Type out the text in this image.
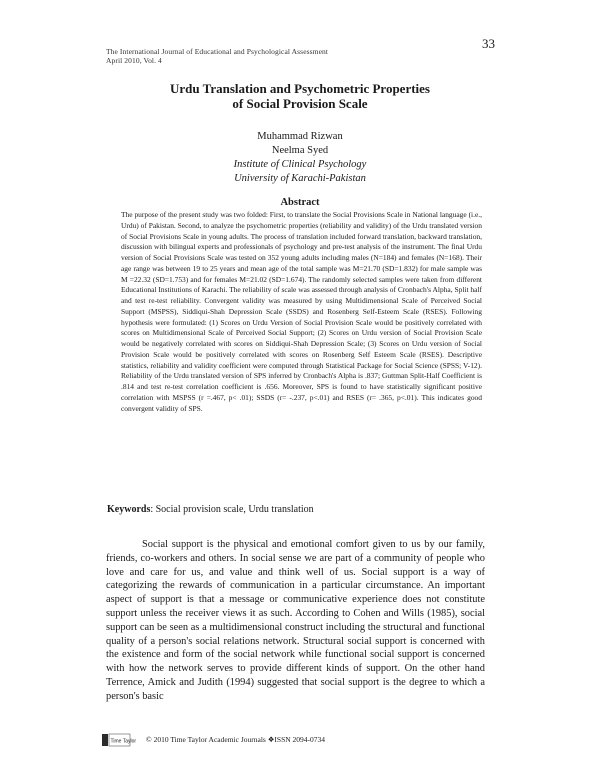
33
The International Journal of Educational and Psychological Assessment
April 2010, Vol. 4
Urdu Translation and Psychometric Properties
of Social Provision Scale
Muhammad Rizwan
Neelma Syed
Institute of Clinical Psychology
University of Karachi-Pakistan
Abstract
The purpose of the present study was two folded: First, to translate the Social Provisions Scale in National language (i.e., Urdu) of Pakistan. Second, to analyze the psychometric properties (reliability and validity) of the Urdu translated version of Social Provisions Scale in young adults. The process of translation included forward translation, backward translation, discussion with bilingual experts and professionals of psychology and pre-test analysis of the instrument. The final Urdu version of Social Provisions Scale was tested on 352 young adults including males (N=184) and females (N=168). Their age range was between 19 to 25 years and mean age of the total sample was M=21.70 (SD=1.832) for male sample was M =22.32 (SD=1.753) and for females M=21.02 (SD=1.674). The randomly selected samples were taken from different Educational Institutions of Karachi. The reliability of scale was assessed through analysis of Cronbach's Alpha, Split half and test re-test reliability. Convergent validity was measured by using Multidimensional Scale of Perceived Social Support (MSPSS), Siddiqui-Shah Depression Scale (SSDS) and Rosenberg Self-Esteem Scale (RSES). Following hypothesis were formulated: (1) Scores on Urdu Version of Social Provision Scale would be positively correlated with scores on Multidimensional Scale of Perceived Social Support; (2) Scores on Urdu version of Social Provision Scale would be negatively correlated with scores on Siddiqui-Shah Depression Scale; (3) Scores on Urdu version of Social Provision Scale would be positively correlated with scores on Rosenberg Self Esteem Scale (RSES). Descriptive statistics, reliability and validity coefficient were computed through Statistical Package for Social Science (SPSS; V-12). Reliability of the Urdu translated version of SPS inferred by Cronbach's Alpha is .837; Guttman Split-Half Coefficient is .814 and test re-test correlation coefficient is .656. Moreover, SPS is found to have statistically significant positive correlation with MSPSS (r =.467, p< .01); SSDS (r= -.237, p<.01) and RSES (r= .365, p<.01). This indicates good convergent validity of SPS.
Keywords: Social provision scale, Urdu translation
Social support is the physical and emotional comfort given to us by our family, friends, co-workers and others. In social sense we are part of a community of people who love and care for us, and value and think well of us. Social support is a way of categorizing the rewards of communication in a particular circumstance. An important aspect of support is that a message or communicative experience does not constitute support unless the receiver views it as such. According to Cohen and Wills (1985), social support can be seen as a multidimensional construct including the structural and functional quality of a person's social relations network. Structural social support is concerned with the existence and form of the social network while functional social support is concerned with how the network serves to provide different kinds of support. On the other hand Terrence, Amick and Judith (1994) suggested that social support is the degree to which a person's basic
Time Taylor © 2010 Time Taylor Academic Journals ❖ISSN 2094-0734
